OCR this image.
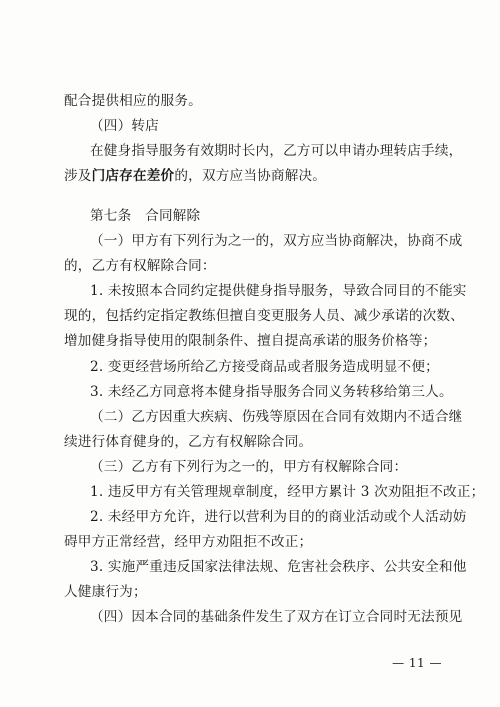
配合提供相应的服务。
（四）转店
在健身指导服务有效期时长内，乙方可以申请办理转店手续，
涉及门店存在差价的，双方应当协商解决。
第七条　合同解除
（一）甲方有下列行为之一的，双方应当协商解决，协商不成
的，乙方有权解除合同：
1. 未按照本合同约定提供健身指导服务，导致合同目的不能实
现的，包括约定指定教练但擅自变更服务人员、减少承诺的次数、
增加健身指导使用的限制条件、擅自提高承诺的服务价格等；
2. 变更经营场所给乙方接受商品或者服务造成明显不便；
3. 未经乙方同意将本健身指导服务合同义务转移给第三人。
（二）乙方因重大疾病、伤残等原因在合同有效期内不适合继
续进行体育健身的，乙方有权解除合同。
（三）乙方有下列行为之一的，甲方有权解除合同：
1. 违反甲方有关管理规章制度，经甲方累计 3 次劝阻拒不改正；
2. 未经甲方允许，进行以营利为目的的商业活动或个人活动妨
碍甲方正常经营，经甲方劝阻拒不改正；
3. 实施严重违反国家法律法规、危害社会秩序、公共安全和他
人健康行为；
（四）因本合同的基础条件发生了双方在订立合同时无法预见
— 11 —
